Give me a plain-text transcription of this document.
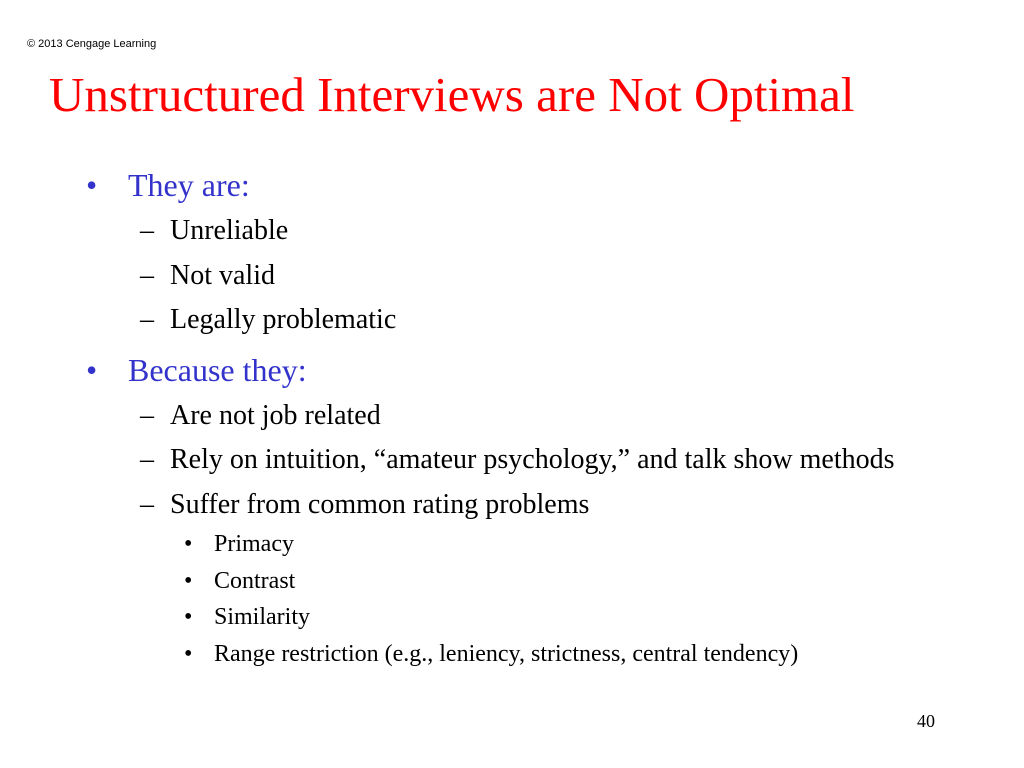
© 2013 Cengage Learning
Unstructured Interviews are Not Optimal
• They are:
– Unreliable
– Not valid
– Legally problematic
• Because they:
– Are not job related
– Rely on intuition, “amateur psychology,” and talk show methods
– Suffer from common rating problems
• Primacy
• Contrast
• Similarity
• Range restriction (e.g., leniency, strictness, central tendency)
40
